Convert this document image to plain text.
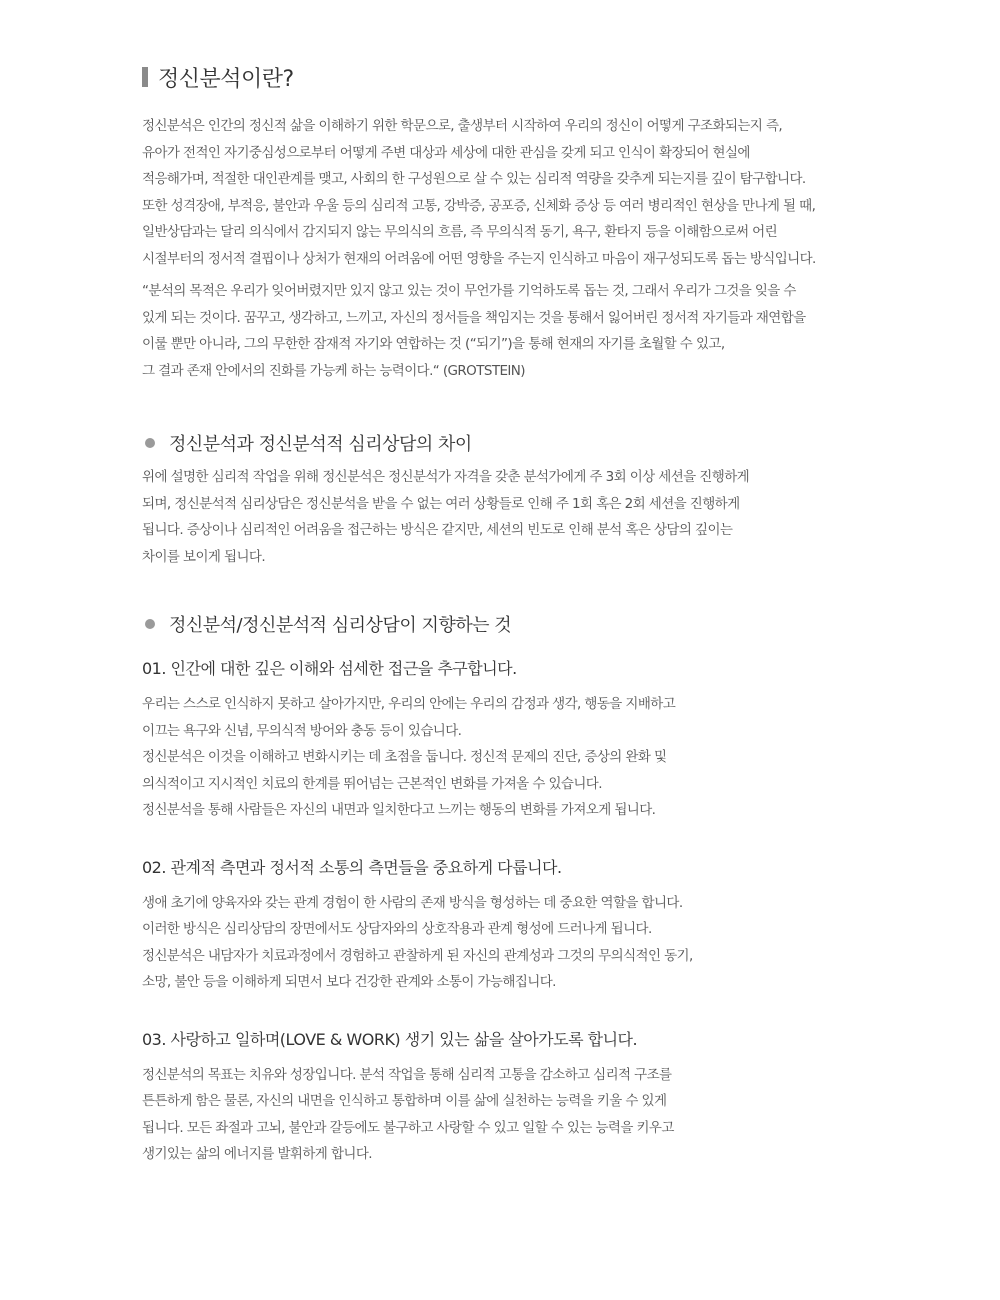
정신분석이란?

정신분석은 인간의 정신적 삶을 이해하기 위한 학문으로, 출생부터 시작하여 우리의 정신이 어떻게 구조화되는지 즉,
유아가 전적인 자기중심성으로부터 어떻게 주변 대상과 세상에 대한 관심을 갖게 되고 인식이 확장되어 현실에
적응해가며, 적절한 대인관계를 맺고, 사회의 한 구성원으로 살 수 있는 심리적 역량을 갖추게 되는지를 깊이 탐구합니다.
또한 성격장애, 부적응, 불안과 우울 등의 심리적 고통, 강박증, 공포증, 신체화 증상 등 여러 병리적인 현상을 만나게 될 때,
일반상담과는 달리 의식에서 감지되지 않는 무의식의 흐름, 즉 무의식적 동기, 욕구, 환타지 등을 이해함으로써 어린
시절부터의 정서적 결핍이나 상처가 현재의 어려움에 어떤 영향을 주는지 인식하고 마음이 재구성되도록 돕는 방식입니다.

“분석의 목적은 우리가 잊어버렸지만 있지 않고 있는 것이 무언가를 기억하도록 돕는 것, 그래서 우리가 그것을 잊을 수
있게 되는 것이다. 꿈꾸고, 생각하고, 느끼고, 자신의 정서들을 책임지는 것을 통해서 잃어버린 정서적 자기들과 재연합을
이룰 뿐만 아니라, 그의 무한한 잠재적 자기와 연합하는 것 (“되기”)을 통해 현재의 자기를 초월할 수 있고,
그 결과 존재 안에서의 진화를 가능케 하는 능력이다.“ (GROTSTEIN)

정신분석과 정신분석적 심리상담의 차이

위에 설명한 심리적 작업을 위해 정신분석은 정신분석가 자격을 갖춘 분석가에게 주 3회 이상 세션을 진행하게
되며, 정신분석적 심리상담은 정신분석을 받을 수 없는 여러 상황들로 인해 주 1회 혹은 2회 세션을 진행하게
됩니다. 증상이나 심리적인 어려움을 접근하는 방식은 같지만, 세션의 빈도로 인해 분석 혹은 상담의 깊이는
차이를 보이게 됩니다.

정신분석/정신분석적 심리상담이 지향하는 것
01. 인간에 대한 깊은 이해와 섬세한 접근을 추구합니다.

우리는 스스로 인식하지 못하고 살아가지만, 우리의 안에는 우리의 감정과 생각, 행동을 지배하고
이끄는 욕구와 신념, 무의식적 방어와 충동 등이 있습니다.
정신분석은 이것을 이해하고 변화시키는 데 초점을 둡니다. 정신적 문제의 진단, 증상의 완화 및
의식적이고 지시적인 치료의 한계를 뛰어넘는 근본적인 변화를 가져올 수 있습니다.
정신분석을 통해 사람들은 자신의 내면과 일치한다고 느끼는 행동의 변화를 가져오게 됩니다.

02. 관계적 측면과 정서적 소통의 측면들을 중요하게 다룹니다.

생애 초기에 양육자와 갖는 관계 경험이 한 사람의 존재 방식을 형성하는 데 중요한 역할을 합니다.
이러한 방식은 심리상담의 장면에서도 상담자와의 상호작용과 관계 형성에 드러나게 됩니다.
정신분석은 내담자가 치료과정에서 경험하고 관찰하게 된 자신의 관계성과 그것의 무의식적인 동기,
소망, 불안 등을 이해하게 되면서 보다 건강한 관계와 소통이 가능해집니다.

03. 사랑하고 일하며(LOVE & WORK) 생기 있는 삶을 살아가도록 합니다.

정신분석의 목표는 치유와 성장입니다. 분석 작업을 통해 심리적 고통을 감소하고 심리적 구조를
튼튼하게 함은 물론, 자신의 내면을 인식하고 통합하며 이를 삶에 실천하는 능력을 키울 수 있게
됩니다. 모든 좌절과 고뇌, 불안과 갈등에도 불구하고 사랑할 수 있고 일할 수 있는 능력을 키우고
생기있는 삶의 에너지를 발휘하게 합니다.
